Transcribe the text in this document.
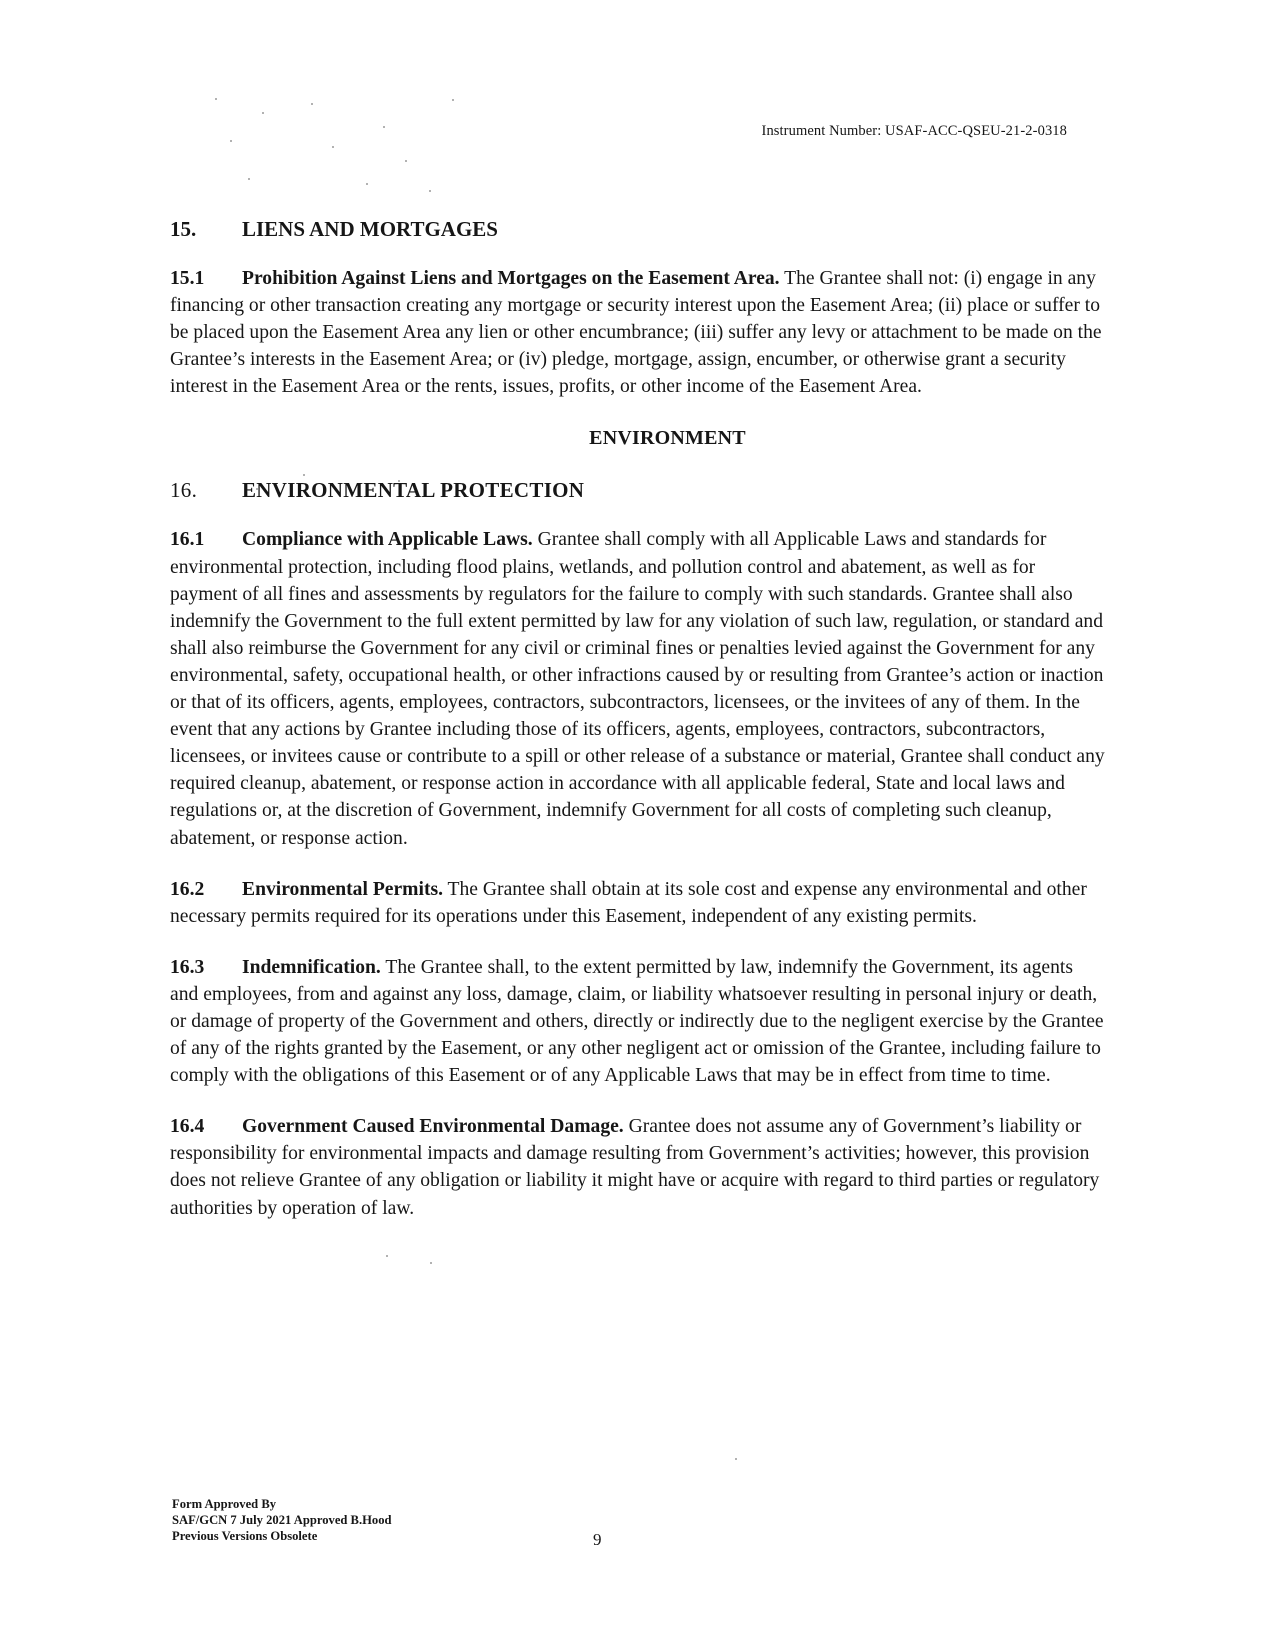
Instrument Number: USAF-ACC-QSEU-21-2-0318
15.	LIENS AND MORTGAGES

15.1 Prohibition Against Liens and Mortgages on the Easement Area. The Grantee shall not: (i) engage in any financing or other transaction creating any mortgage or security interest upon the Easement Area; (ii) place or suffer to be placed upon the Easement Area any lien or other encumbrance; (iii) suffer any levy or attachment to be made on the Grantee’s interests in the Easement Area; or (iv) pledge, mortgage, assign, encumber, or otherwise grant a security interest in the Easement Area or the rents, issues, profits, or other income of the Easement Area.

ENVIRONMENT
16.	ENVIRONMENTAL PROTECTION

16.1 Compliance with Applicable Laws. Grantee shall comply with all Applicable Laws and standards for environmental protection, including flood plains, wetlands, and pollution control and abatement, as well as for payment of all fines and assessments by regulators for the failure to comply with such standards. Grantee shall also indemnify the Government to the full extent permitted by law for any violation of such law, regulation, or standard and shall also reimburse the Government for any civil or criminal fines or penalties levied against the Government for any environmental, safety, occupational health, or other infractions caused by or resulting from Grantee’s action or inaction or that of its officers, agents, employees, contractors, subcontractors, licensees, or the invitees of any of them. In the event that any actions by Grantee including those of its officers, agents, employees, contractors, subcontractors, licensees, or invitees cause or contribute to a spill or other release of a substance or material, Grantee shall conduct any required cleanup, abatement, or response action in accordance with all applicable federal, State and local laws and regulations or, at the discretion of Government, indemnify Government for all costs of completing such cleanup, abatement, or response action.

16.2 Environmental Permits. The Grantee shall obtain at its sole cost and expense any environmental and other necessary permits required for its operations under this Easement, independent of any existing permits.

16.3 Indemnification. The Grantee shall, to the extent permitted by law, indemnify the Government, its agents and employees, from and against any loss, damage, claim, or liability whatsoever resulting in personal injury or death, or damage of property of the Government and others, directly or indirectly due to the negligent exercise by the Grantee of any of the rights granted by the Easement, or any other negligent act or omission of the Grantee, including failure to comply with the obligations of this Easement or of any Applicable Laws that may be in effect from time to time.

16.4 Government Caused Environmental Damage. Grantee does not assume any of Government’s liability or responsibility for environmental impacts and damage resulting from Government’s activities; however, this provision does not relieve Grantee of any obligation or liability it might have or acquire with regard to third parties or regulatory authorities by operation of law.

Form Approved By
SAF/GCN 7 July 2021 Approved B.Hood
Previous Versions Obsolete	9
